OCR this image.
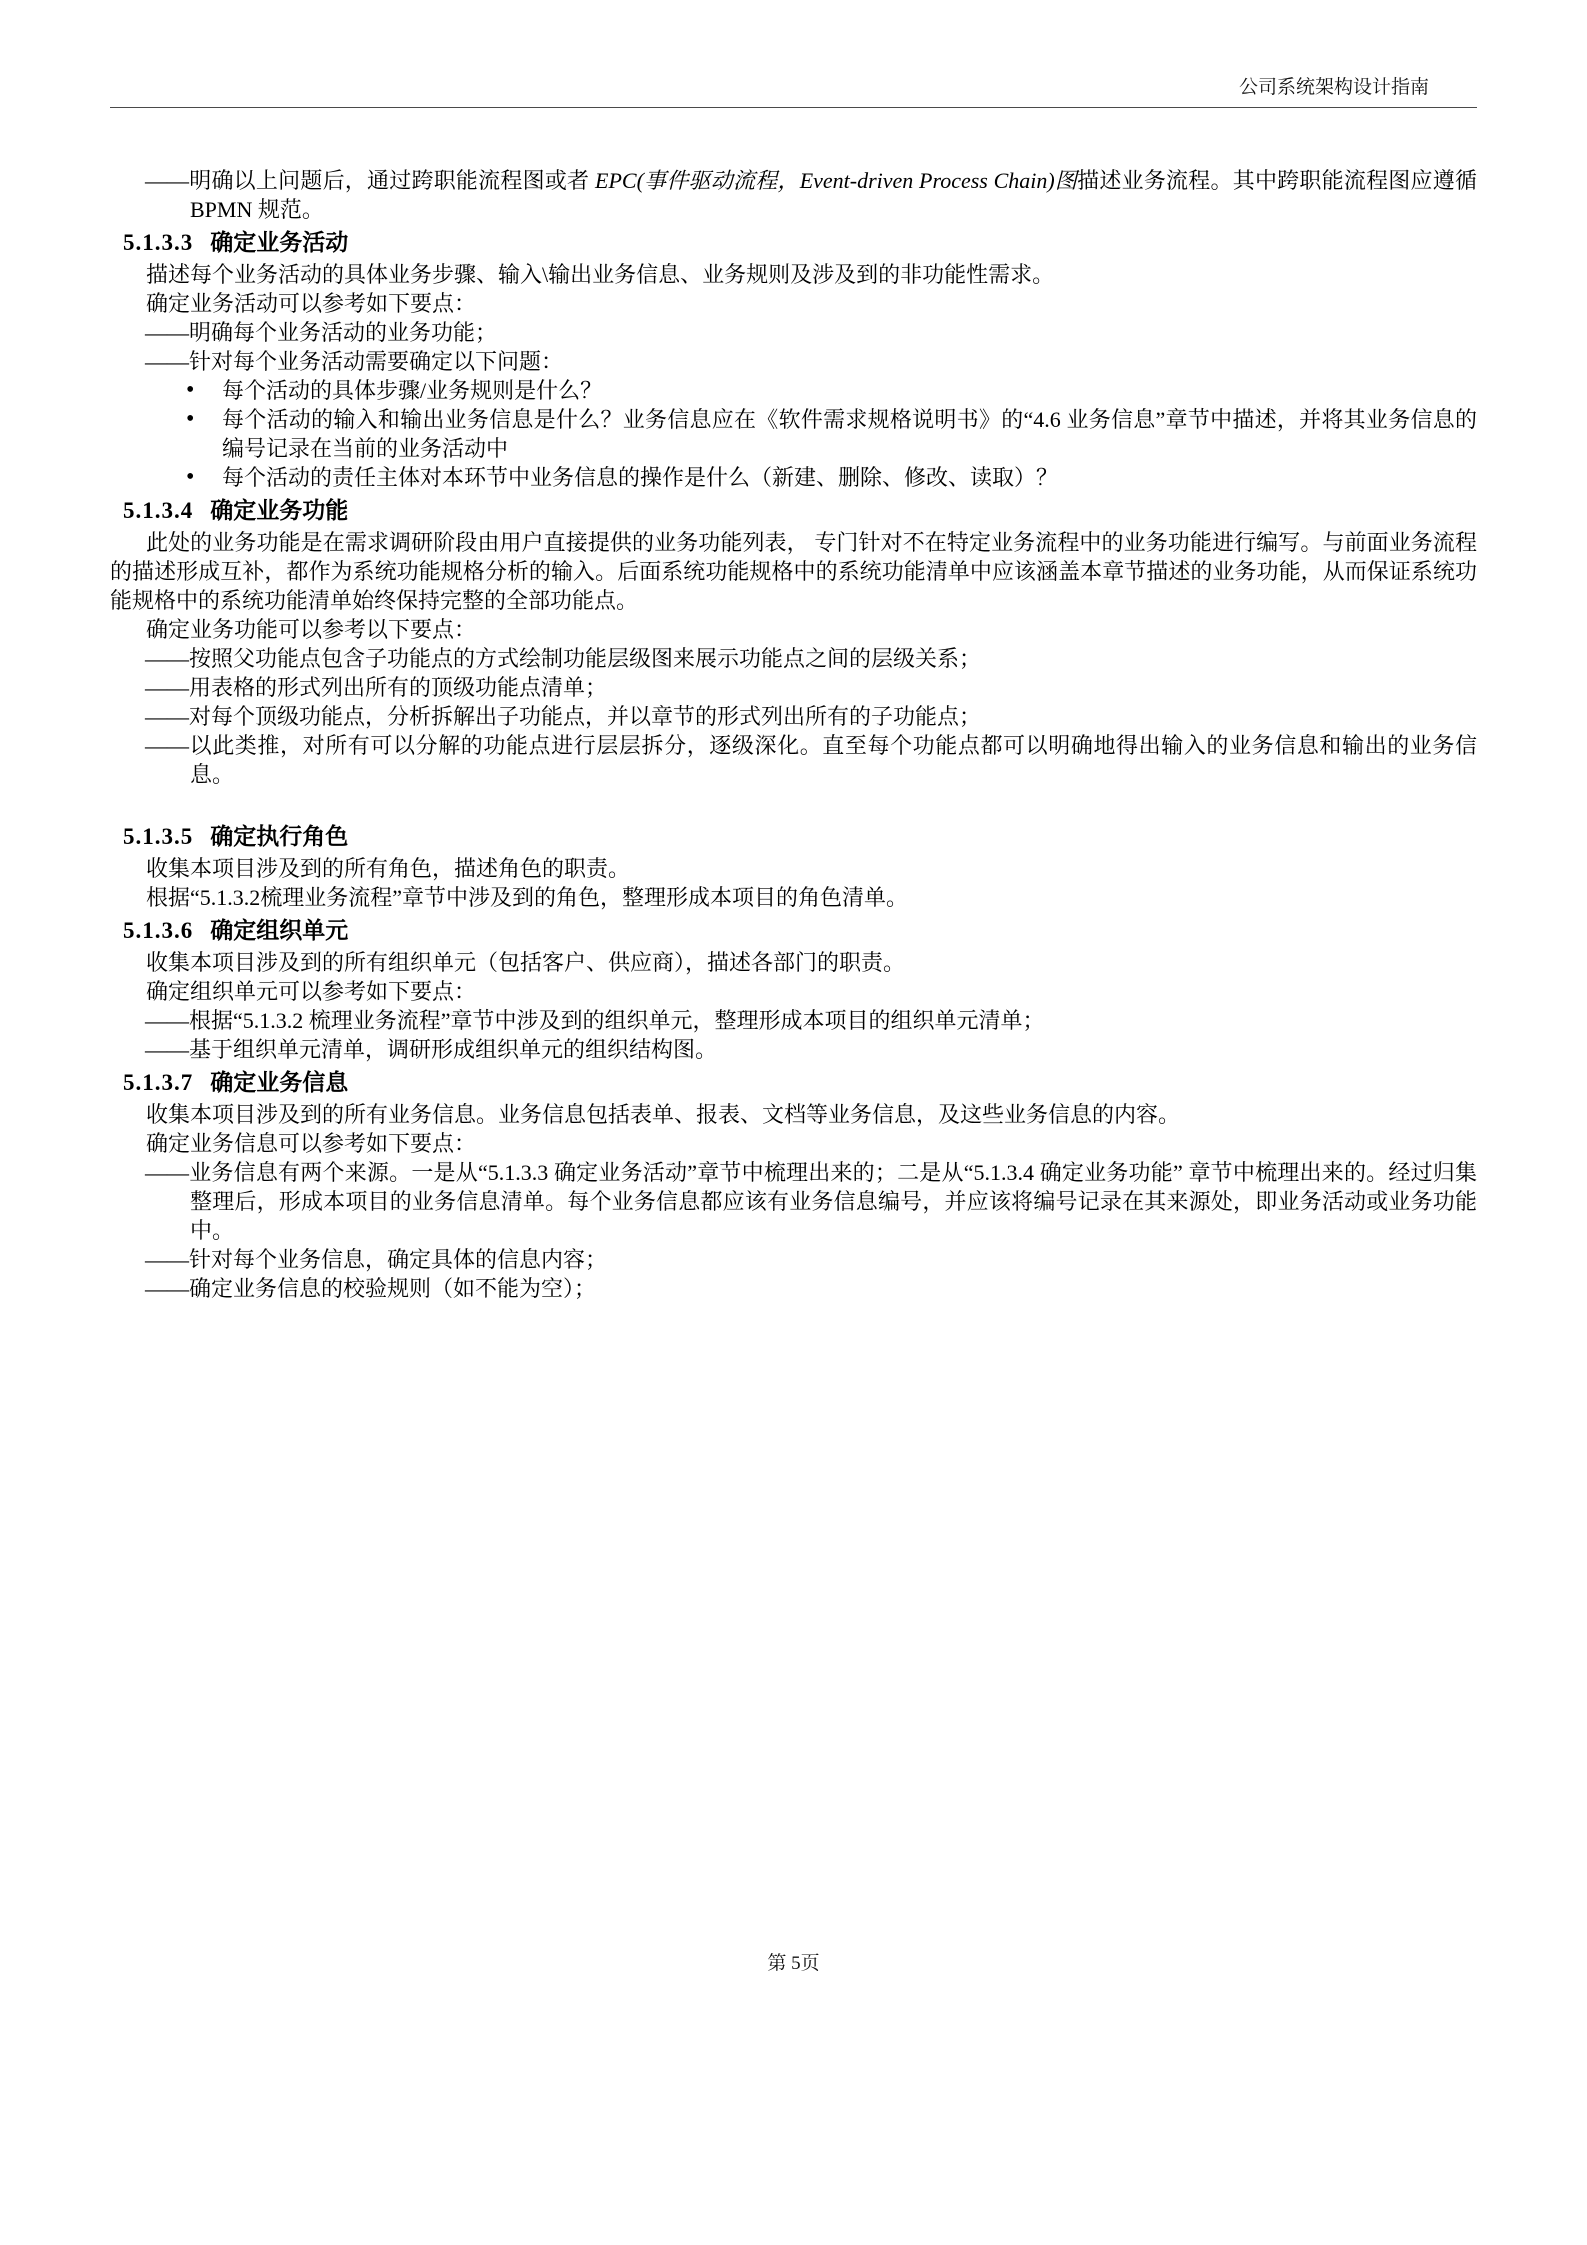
公司系统架构设计指南

——明确以上问题后，通过跨职能流程图或者 EPC(事件驱动流程，Event-driven Process Chain)图描述业务流程。其中跨职能流程图应遵循 BPMN 规范。

5.1.3.3 确定业务活动

描述每个业务活动的具体业务步骤、输入\输出业务信息、业务规则及涉及到的非功能性需求。

确定业务活动可以参考如下要点：

——明确每个业务活动的业务功能；

——针对每个业务活动需要确定以下问题：

• 每个活动的具体步骤/业务规则是什么？

• 每个活动的输入和输出业务信息是什么？业务信息应在《软件需求规格说明书》的“4.6 业务信息”章节中描述，并将其业务信息的编号记录在当前的业务活动中

• 每个活动的责任主体对本环节中业务信息的操作是什么（新建、删除、修改、读取）？

5.1.3.4 确定业务功能

此处的业务功能是在需求调研阶段由用户直接提供的业务功能列表， 专门针对不在特定业务流程中的业务功能进行编写。与前面业务流程的描述形成互补，都作为系统功能规格分析的输入。后面系统功能规格中的系统功能清单中应该涵盖本章节描述的业务功能，从而保证系统功能规格中的系统功能清单始终保持完整的全部功能点。

确定业务功能可以参考以下要点：

——按照父功能点包含子功能点的方式绘制功能层级图来展示功能点之间的层级关系；

——用表格的形式列出所有的顶级功能点清单；

——对每个顶级功能点，分析拆解出子功能点，并以章节的形式列出所有的子功能点；

——以此类推，对所有可以分解的功能点进行层层拆分，逐级深化。直至每个功能点都可以明确地得出输入的业务信息和输出的业务信息。

5.1.3.5 确定执行角色

收集本项目涉及到的所有角色，描述角色的职责。

根据“5.1.3.2梳理业务流程”章节中涉及到的角色，整理形成本项目的角色清单。

5.1.3.6 确定组织单元

收集本项目涉及到的所有组织单元（包括客户、供应商），描述各部门的职责。

确定组织单元可以参考如下要点：

——根据“5.1.3.2 梳理业务流程”章节中涉及到的组织单元，整理形成本项目的组织单元清单；

——基于组织单元清单，调研形成组织单元的组织结构图。

5.1.3.7 确定业务信息

收集本项目涉及到的所有业务信息。业务信息包括表单、报表、文档等业务信息，及这些业务信息的内容。

确定业务信息可以参考如下要点：

——业务信息有两个来源。一是从“5.1.3.3 确定业务活动”章节中梳理出来的；二是从“5.1.3.4 确定业务功能” 章节中梳理出来的。经过归集整理后，形成本项目的业务信息清单。每个业务信息都应该有业务信息编号，并应该将编号记录在其来源处，即业务活动或业务功能中。

——针对每个业务信息，确定具体的信息内容；

——确定业务信息的校验规则（如不能为空）；

第 5页
